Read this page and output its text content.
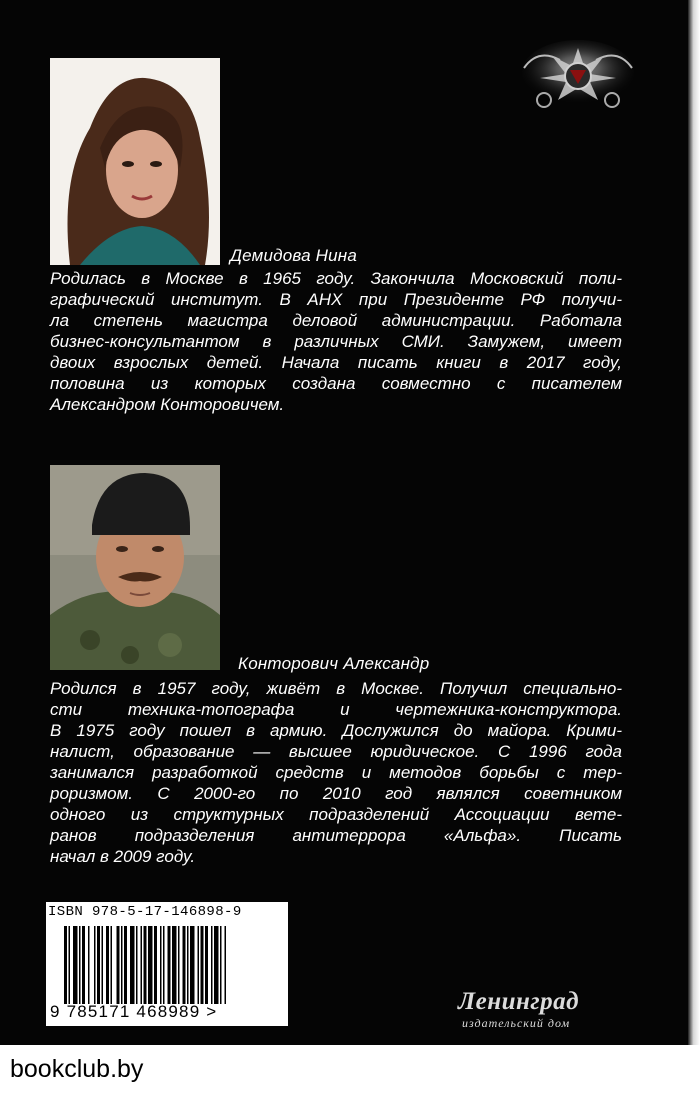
Демидова Нина
Родилась в Москве в 1965 году. Закончила Московский поли-
графический институт. В АНХ при Президенте РФ получи-
ла степень магистра деловой администрации. Работала
бизнес-консультантом в различных СМИ. Замужем, имеет
двоих взрослых детей. Начала писать книги в 2017 году,
половина из которых создана совместно с писателем
Александром Конторовичем.
Конторович Александр
Родился в 1957 году, живёт в Москве. Получил специально-
сти техника-топографа и чертежника-конструктора.
В 1975 году пошел в армию. Дослужился до майора. Крими-
налист, образование — высшее юридическое. С 1996 года
занимался разработкой средств и методов борьбы с тер-
роризмом. С 2000-го по 2010 год являлся советником
одного из структурных подразделений Ассоциации вете-
ранов подразделения антитеррора «Альфа». Писать
начал в 2009 году.
ISBN 978-5-17-146898-9
9 785171 468989 >	Ленинград
издательский дом
bookclub.by
